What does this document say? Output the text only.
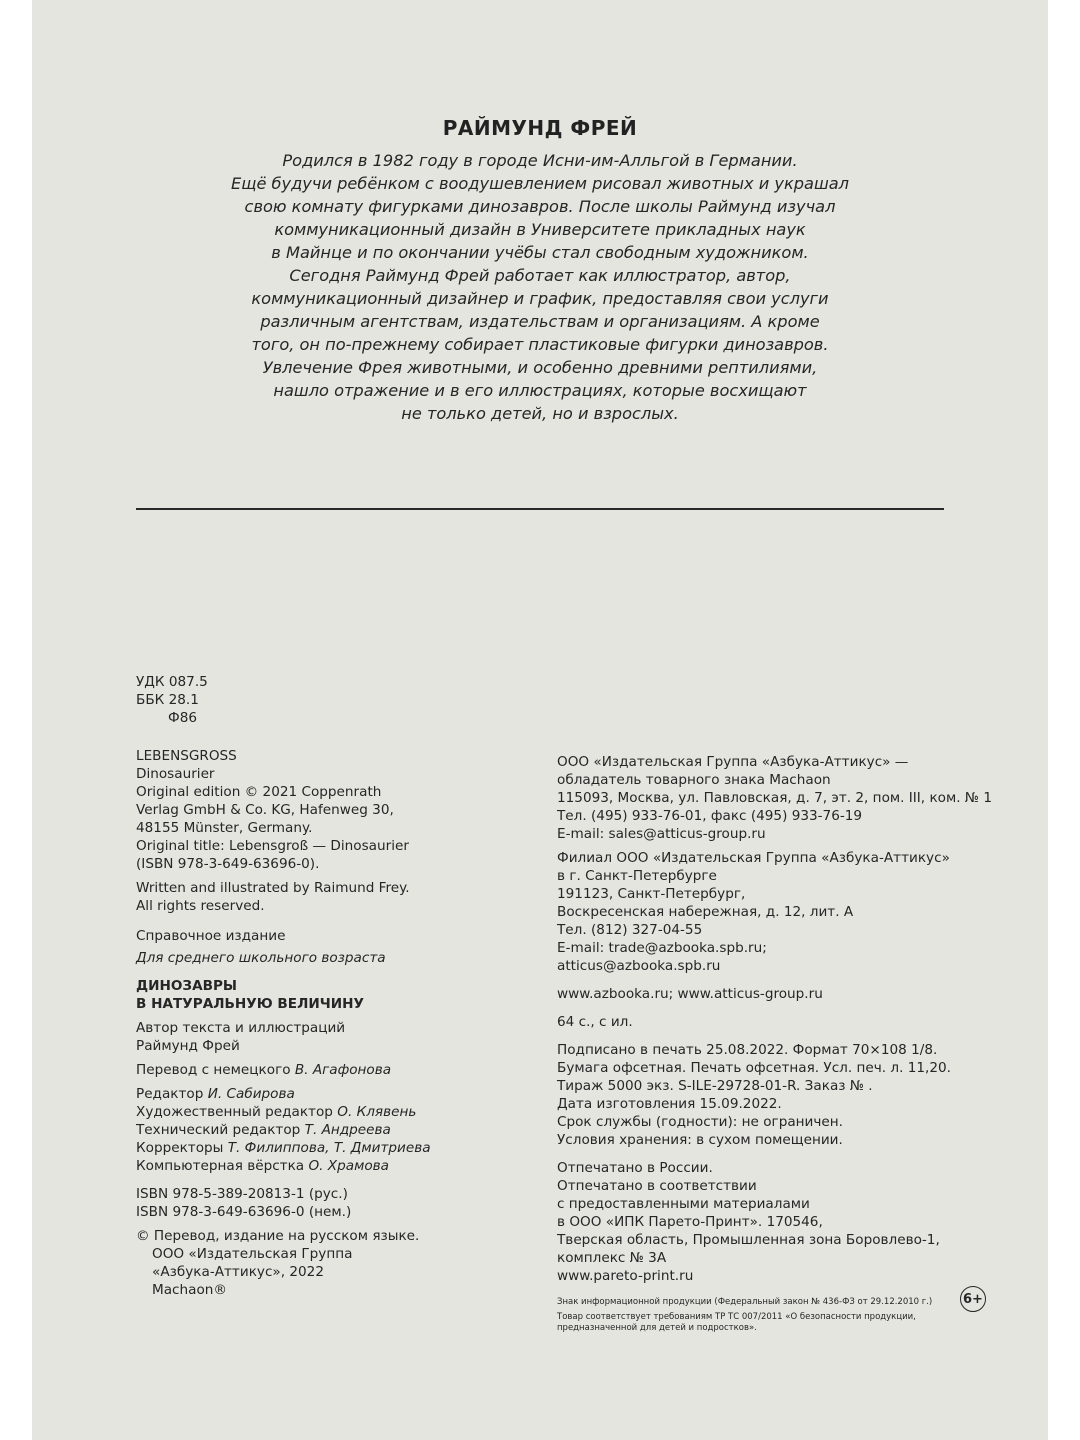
РАЙМУНД ФРЕЙ
Родился в 1982 году в городе Исни-им-Алльгой в Германии.
Ещё будучи ребёнком с воодушевлением рисовал животных и украшал
свою комнату фигурками динозавров. После школы Раймунд изучал
коммуникационный дизайн в Университете прикладных наук
в Майнце и по окончании учёбы стал свободным художником.
Сегодня Раймунд Фрей работает как иллюстратор, автор,
коммуникационный дизайнер и график, предоставляя свои услуги
различным агентствам, издательствам и организациям. А кроме
того, он по-прежнему собирает пластиковые фигурки динозавров.
Увлечение Фрея животными, и особенно древними рептилиями,
нашло отражение и в его иллюстрациях, которые восхищают
не только детей, но и взрослых.
УДК 087.5
ББК 28.1
Ф86
LEBENSGROSS
Dinosaurier
Original edition © 2021 Coppenrath
Verlag GmbH & Co. KG, Hafenweg 30,
48155 Münster, Germany.
Original title: Lebensgroß — Dinosaurier
(ISBN 978-3-649-63696-0).
Written and illustrated by Raimund Frey.
All rights reserved.
Справочное издание
Для среднего школьного возраста
ДИНОЗАВРЫ
В НАТУРАЛЬНУЮ ВЕЛИЧИНУ
Автор текста и иллюстраций
Раймунд Фрей
Перевод с немецкого В. Агафонова
Редактор И. Сабирова
Художественный редактор О. Клявень
Технический редактор Т. Андреева
Корректоры Т. Филиппова, Т. Дмитриева
Компьютерная вёрстка О. Храмова
ISBN 978-5-389-20813-1 (рус.)
ISBN 978-3-649-63696-0 (нем.)
© Перевод, издание на русском языке.
ООО «Издательская Группа
«Азбука-Аттикус», 2022
Machaon®
ООО «Издательская Группа «Азбука-Аттикус» —
обладатель товарного знака Machaon
115093, Москва, ул. Павловская, д. 7, эт. 2, пом. III, ком. № 1
Тел. (495) 933-76-01, факс (495) 933-76-19
E-mail: sales@atticus-group.ru
Филиал ООО «Издательская Группа «Азбука-Аттикус»
в г. Санкт-Петербурге
191123, Санкт-Петербург,
Воскресенская набережная, д. 12, лит. А
Тел. (812) 327-04-55
E-mail: trade@azbooka.spb.ru;
atticus@azbooka.spb.ru
www.azbooka.ru; www.atticus-group.ru
64 с., с ил.
Подписано в печать 25.08.2022. Формат 70×108 1/8.
Бумага офсетная. Печать офсетная. Усл. печ. л. 11,20.
Тираж 5000 экз. S-ILE-29728-01-R. Заказ № .
Дата изготовления 15.09.2022.
Срок службы (годности): не ограничен.
Условия хранения: в сухом помещении.
Отпечатано в России.
Отпечатано в соответствии
с предоставленными материалами
в ООО «ИПК Парето-Принт». 170546,
Тверская область, Промышленная зона Боровлево-1,
комплекс № 3А
www.pareto-print.ru
Знак информационной продукции (Федеральный закон № 436-ФЗ от 29.12.2010 г.)
Товар соответствует требованиям ТР ТС 007/2011 «О безопасности продукции,
предназначенной для детей и подростков».
6+
